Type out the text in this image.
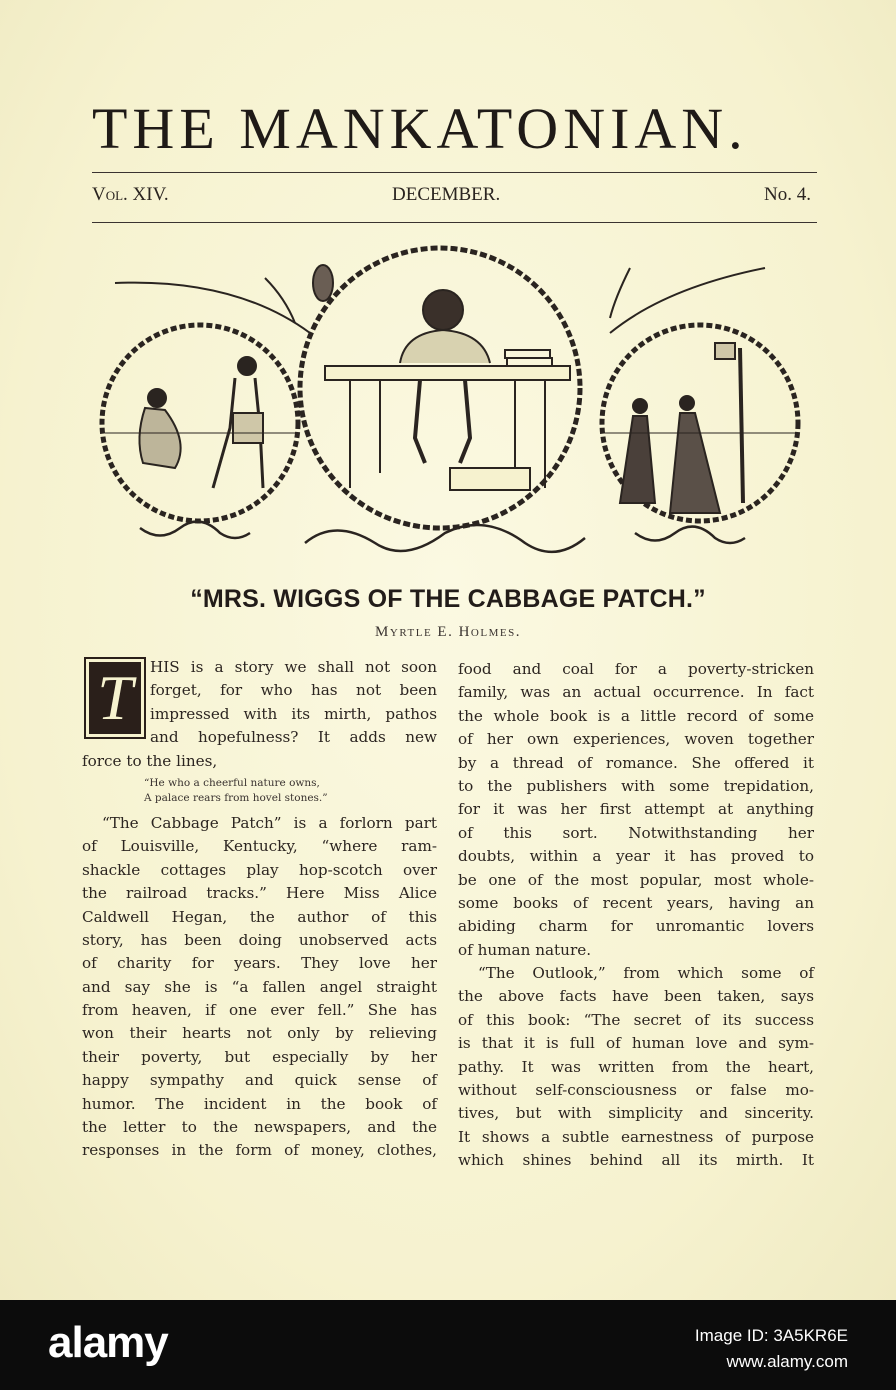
THE MANKATONIAN.
Vol. XIV.	DECEMBER.	No. 4.
“MRS. WIGGS OF THE CABBAGE PATCH.”
Myrtle E. Holmes.
T	HIS is a story we shall not soon
forget, for who has not been
impressed with its mirth, pathos
and hopefulness? It adds new
force to the lines,
“He who a cheerful nature owns,
A palace rears from hovel stones.”
“The Cabbage Patch” is a forlorn part
of Louisville, Kentucky, “where ram-
shackle cottages play hop-scotch over
the railroad tracks.” Here Miss Alice
Caldwell Hegan, the author of this
story, has been doing unobserved acts
of charity for years. They love her
and say she is “a fallen angel straight
from heaven, if one ever fell.” She has
won their hearts not only by relieving
their poverty, but especially by her
happy sympathy and quick sense of
humor. The incident in the book of
the letter to the newspapers, and the
responses in the form of money, clothes,
food and coal for a poverty-stricken
family, was an actual occurrence. In fact
the whole book is a little record of some
of her own experiences, woven together
by a thread of romance. She offered it
to the publishers with some trepidation,
for it was her first attempt at anything
of this sort. Notwithstanding her
doubts, within a year it has proved to
be one of the most popular, most whole-
some books of recent years, having an
abiding charm for unromantic lovers
of human nature.
“The Outlook,” from which some of
the above facts have been taken, says
of this book: “The secret of its success
is that it is full of human love and sym-
pathy. It was written from the heart,
without self-consciousness or false mo-
tives, but with simplicity and sincerity.
It shows a subtle earnestness of purpose
which shines behind all its mirth. It
alamy	Image ID: 3A5KR6E
www.alamy.com
